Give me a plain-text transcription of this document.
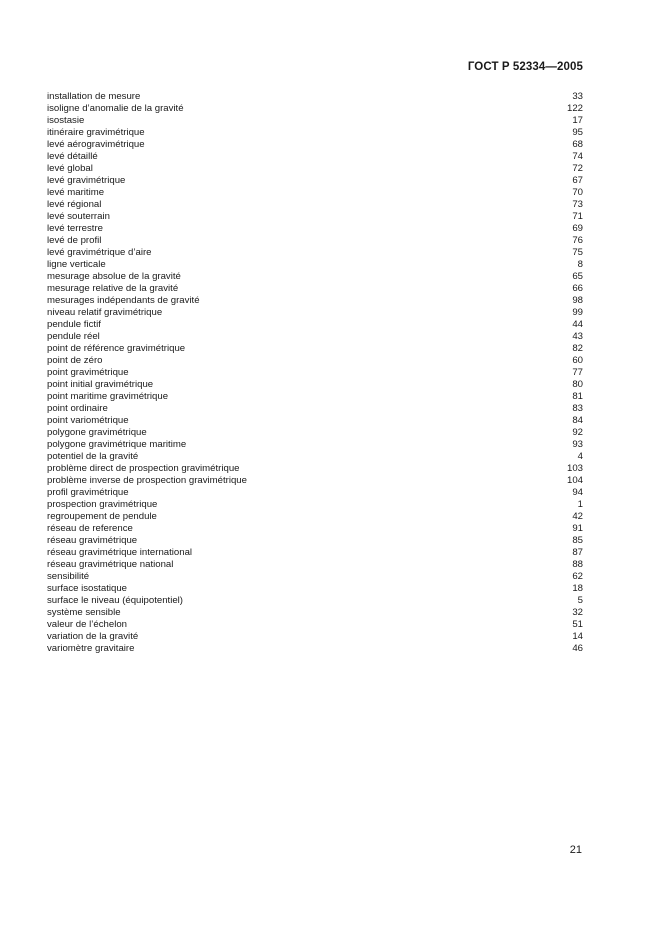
ГОСТ Р 52334—2005
installation de mesure	33
isoligne d’anomalie de la gravité	122
isostasie	17
itinéraire gravimétrique	95
levé aérogravimétrique	68
levé détaillé	74
levé global	72
levé gravimétrique	67
levé maritime	70
levé régional	73
levé souterrain	71
levé terrestre	69
levé de profil	76
levé gravimétrique d’aire	75
ligne verticale	8
mesurage absolue de la gravité	65
mesurage relative de la gravité	66
mesurages indépendants de gravité	98
niveau relatif gravimétrique	99
pendule fictif	44
pendule réel	43
point de référence gravimétrique	82
point de zéro	60
point gravimétrique	77
point initial gravimétrique	80
point maritime gravimétrique	81
point ordinaire	83
point variométrique	84
polygone gravimétrique	92
polygone gravimétrique maritime	93
potentiel de la gravité	4
problème direct de prospection gravimétrique	103
problème inverse de prospection gravimétrique	104
profil gravimétrique	94
prospection gravimétrique	1
regroupement de pendule	42
réseau de reference	91
réseau gravimétrique	85
réseau gravimétrique international	87
réseau gravimétrique national	88
sensibilité	62
surface isostatique	18
surface le niveau (équipotentiel)	5
système sensible	32
valeur de l’échelon	51
variation de la gravité	14
variomètre gravitaire	46
21
